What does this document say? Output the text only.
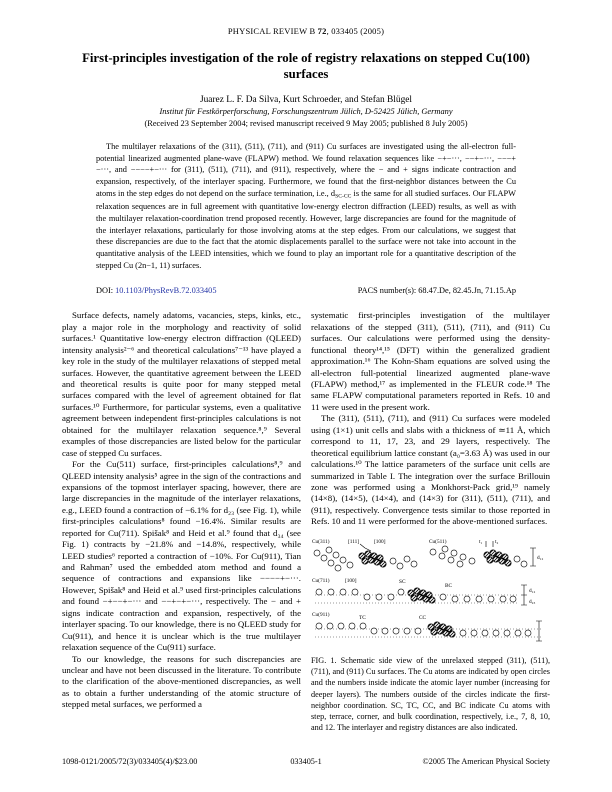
PHYSICAL REVIEW B 72, 033405 (2005)
First-principles investigation of the role of registry relaxations on stepped Cu(100) surfaces
Juarez L. F. Da Silva, Kurt Schroeder, and Stefan Blügel
Institut für Festkörperforschung, Forschungszentrum Jülich, D-52425 Jülich, Germany
(Received 23 September 2004; revised manuscript received 9 May 2005; published 8 July 2005)

The multilayer relaxations of the (311), (511), (711), and (911) Cu surfaces are investigated using the all-electron full-potential linearized augmented plane-wave (FLAPW) method. We found relaxation sequences like −+−···, −−+−···, −−−+−···, and −−−−+−··· for (311), (511), (711), and (911), respectively, where the − and + signs indicate contraction and expansion, respectively, of the interlayer spacing. Furthermore, we found that the first-neighbor distances between the Cu atoms in the step edges do not depend on the surface termination, i.e., dSC-CC is the same for all studied surfaces. Our FLAPW relaxation sequences are in full agreement with quantitative low-energy electron diffraction (LEED) results, as well as with the multilayer relaxation-coordination trend proposed recently. However, large discrepancies are found for the magnitude of the interlayer relaxations, particularly for those involving atoms at the step edges. From our calculations, we suggest that these discrepancies are due to the fact that the atomic displacements parallel to the surface were not take into account in the quantitative analysis of the LEED intensities, which we found to play an important role for a quantitative description of the stepped Cu (2n−1, 11) surfaces.

DOI: 10.1103/PhysRevB.72.033405	PACS number(s): 68.47.De, 82.45.Jn, 71.15.Ap

Surface defects, namely adatoms, vacancies, steps, kinks, etc., play a major role in the morphology and reactivity of solid surfaces.¹ Quantitative low-energy electron diffraction (QLEED) intensity analysis²⁻⁶ and theoretical calculations⁷⁻¹³ have played a key role in the study of the multilayer relaxations of stepped metal surfaces. However, the quantitative agreement between the LEED and theoretical results is quite poor for many stepped metal surfaces compared with the level of agreement obtained for flat surfaces.¹⁰ Furthermore, for particular systems, even a qualitative agreement between independent first-principles calculations is not obtained for the multilayer relaxation sequence.⁸,⁹ Several examples of those discrepancies are listed below for the particular case of stepped Cu surfaces.

For the Cu(511) surface, first-principles calculations⁸,⁹ and QLEED intensity analysis⁵ agree in the sign of the contractions and expansions of the topmost interlayer spacing, however, there are large discrepancies in the magnitude of the interlayer relaxations, e.g., LEED found a contraction of −6.1% for d₂₃ (see Fig. 1), while first-principles calculations⁸ found −16.4%. Similar results are reported for Cu(711). Spišak⁸ and Heid et al.⁹ found that d₃₄ (see Fig. 1) contracts by −21.8% and −14.8%, respectively, while LEED studies⁶ reported a contraction of −10%. For Cu(911), Tian and Rahman⁷ used the embedded atom method and found a sequence of contractions and expansions like −−−−+−···. However, Spišak⁸ and Heid et al.⁹ used first-principles calculations and found −+−−+−··· and −−+−+−···, respectively. The − and + signs indicate contraction and expansion, respectively, of the interlayer spacing. To our knowledge, there is no QLEED study for Cu(911), and hence it is unclear which is the true multilayer relaxation sequence of the Cu(911) surface.

To our knowledge, the reasons for such discrepancies are unclear and have not been discussed in the literature. To contribute to the clarification of the above-mentioned discrepancies, as well as to obtain a further understanding of the atomic structure of stepped metal surfaces, we performed a

systematic first-principles investigation of the multilayer relaxations of the stepped (311), (511), (711), and (911) Cu surfaces. Our calculations were performed using the density-functional theory¹⁴,¹⁵ (DFT) within the generalized gradient approximation.¹⁶ The Kohn-Sham equations are solved using the all-electron full-potential linearized augmented plane-wave (FLAPW) method,¹⁷ as implemented in the FLEUR code.¹⁸ The same FLAPW computational parameters reported in Refs. 10 and 11 were used in the present work.

The (311), (511), (711), and (911) Cu surfaces were modeled using (1×1) unit cells and slabs with a thickness of ≃11 Å, which correspond to 11, 17, 23, and 29 layers, respectively. The theoretical equilibrium lattice constant (a₀=3.63 Å) was used in our calculations.¹⁰ The lattice parameters of the surface unit cells are summarized in Table I. The integration over the surface Brillouin zone was performed using a Monkhorst-Pack grid,¹⁹ namely (14×8), (14×5), (14×4), and (14×3) for (311), (511), (711), and (911), respectively. Convergence tests similar to those reported in Refs. 10 and 11 were performed for the above-mentioned surfaces.

Cu(311)	[111]	[100]	Cu(511)	t₁ t₂
d₁₂
Cu(711)	[100]	SC
BC
d₁₂
d₂₃
Cu(911)	TC	CC
FIG. 1. Schematic side view of the unrelaxed stepped (311), (511), (711), and (911) Cu surfaces. The Cu atoms are indicated by open circles and the numbers inside indicate the atomic layer number (increasing for deeper layers). The numbers outside of the circles indicate the first-neighbor coordination. SC, TC, CC, and BC indicate Cu atoms with step, terrace, corner, and bulk coordination, respectively, i.e., 7, 8, 10, and 12. The interlayer and registry distances are also indicated.
1098-0121/2005/72(3)/033405(4)/$23.00	033405-1	©2005 The American Physical Society
